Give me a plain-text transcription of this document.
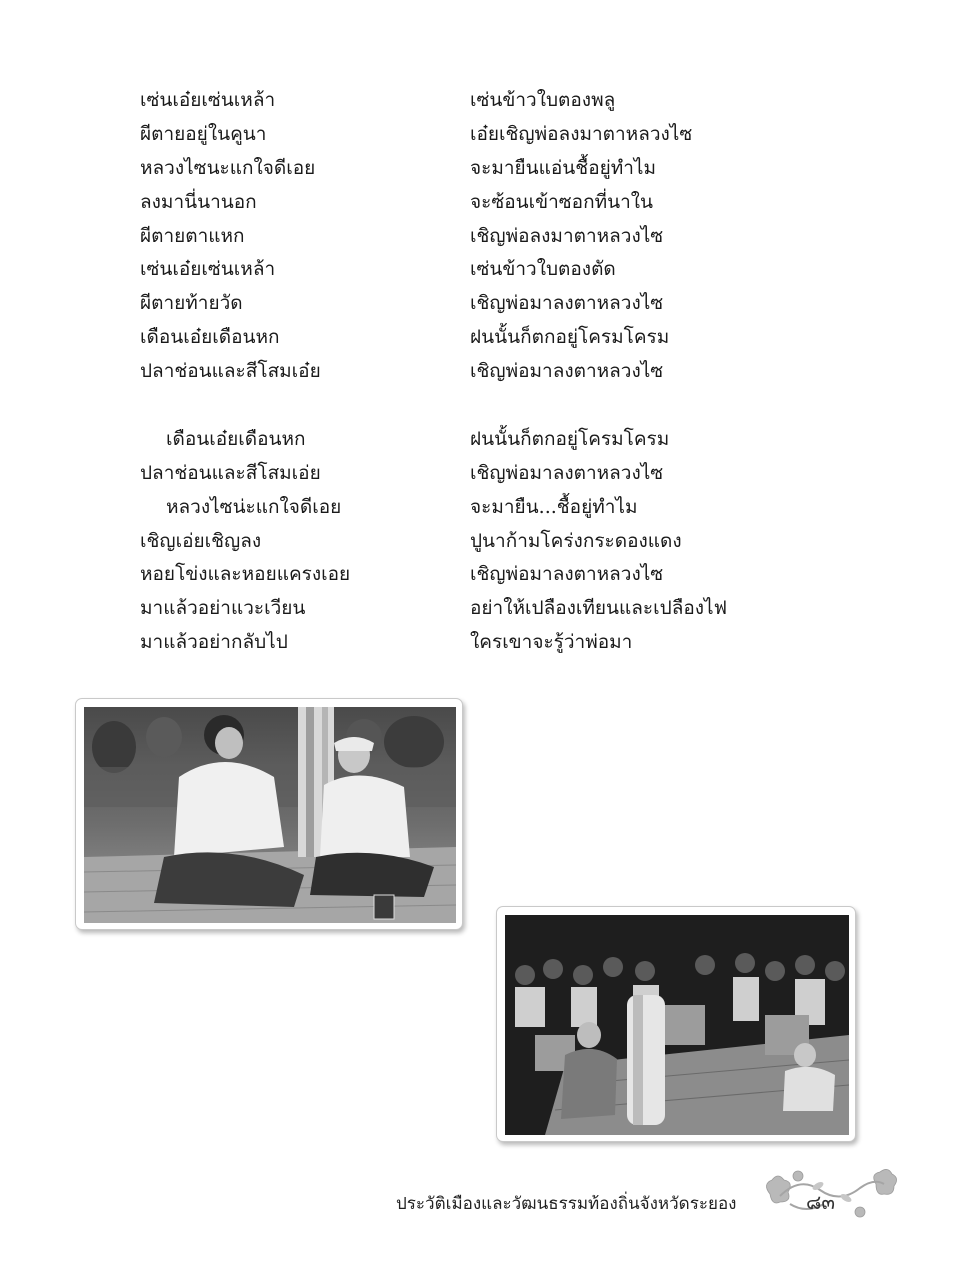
เซ่นเอ๋ยเซ่นเหล้า
ผีตายอยู่ในคูนา
หลวงไซนะแกใจดีเอย
ลงมานี่นานอก
ผีตายตาแหก
เซ่นเอ๋ยเซ่นเหล้า
ผีตายท้ายวัด
เดือนเอ๋ยเดือนหก
ปลาช่อนและสีโสมเอ๋ย
เดือนเอ๋ยเดือนหก
ปลาช่อนและสีโสมเอ่ย
หลวงไซน่ะแกใจดีเอย
เชิญเอ่ยเชิญลง
หอยโข่งและหอยแครงเอย
มาแล้วอย่าแวะเวียน
มาแล้วอย่ากลับไป
เซ่นข้าวใบตองพลู
เอ๋ยเชิญพ่อลงมาตาหลวงไซ
จะมายืนแอ่นชื้อยู่ทำไม
จะซ้อนเข้าซอกที่นาใน
เชิญพ่อลงมาตาหลวงไซ
เซ่นข้าวใบตองตัด
เชิญพ่อมาลงตาหลวงไซ
ฝนนั้นก็ตกอยู่โครมโครม
เชิญพ่อมาลงตาหลวงไซ
ฝนนั้นก็ตกอยู่โครมโครม
เชิญพ่อมาลงตาหลวงไซ
จะมายืน...ชื้อยู่ทำไม
ปูนาก้ามโคร่งกระดองแดง
เชิญพ่อมาลงตาหลวงไซ
อย่าให้เปลืองเทียนและเปลืองไฟ
ใครเขาจะรู้ว่าพ่อมา
ประวัติเมืองและวัฒนธรรมท้องถิ่นจังหวัดระยอง	๘๓
